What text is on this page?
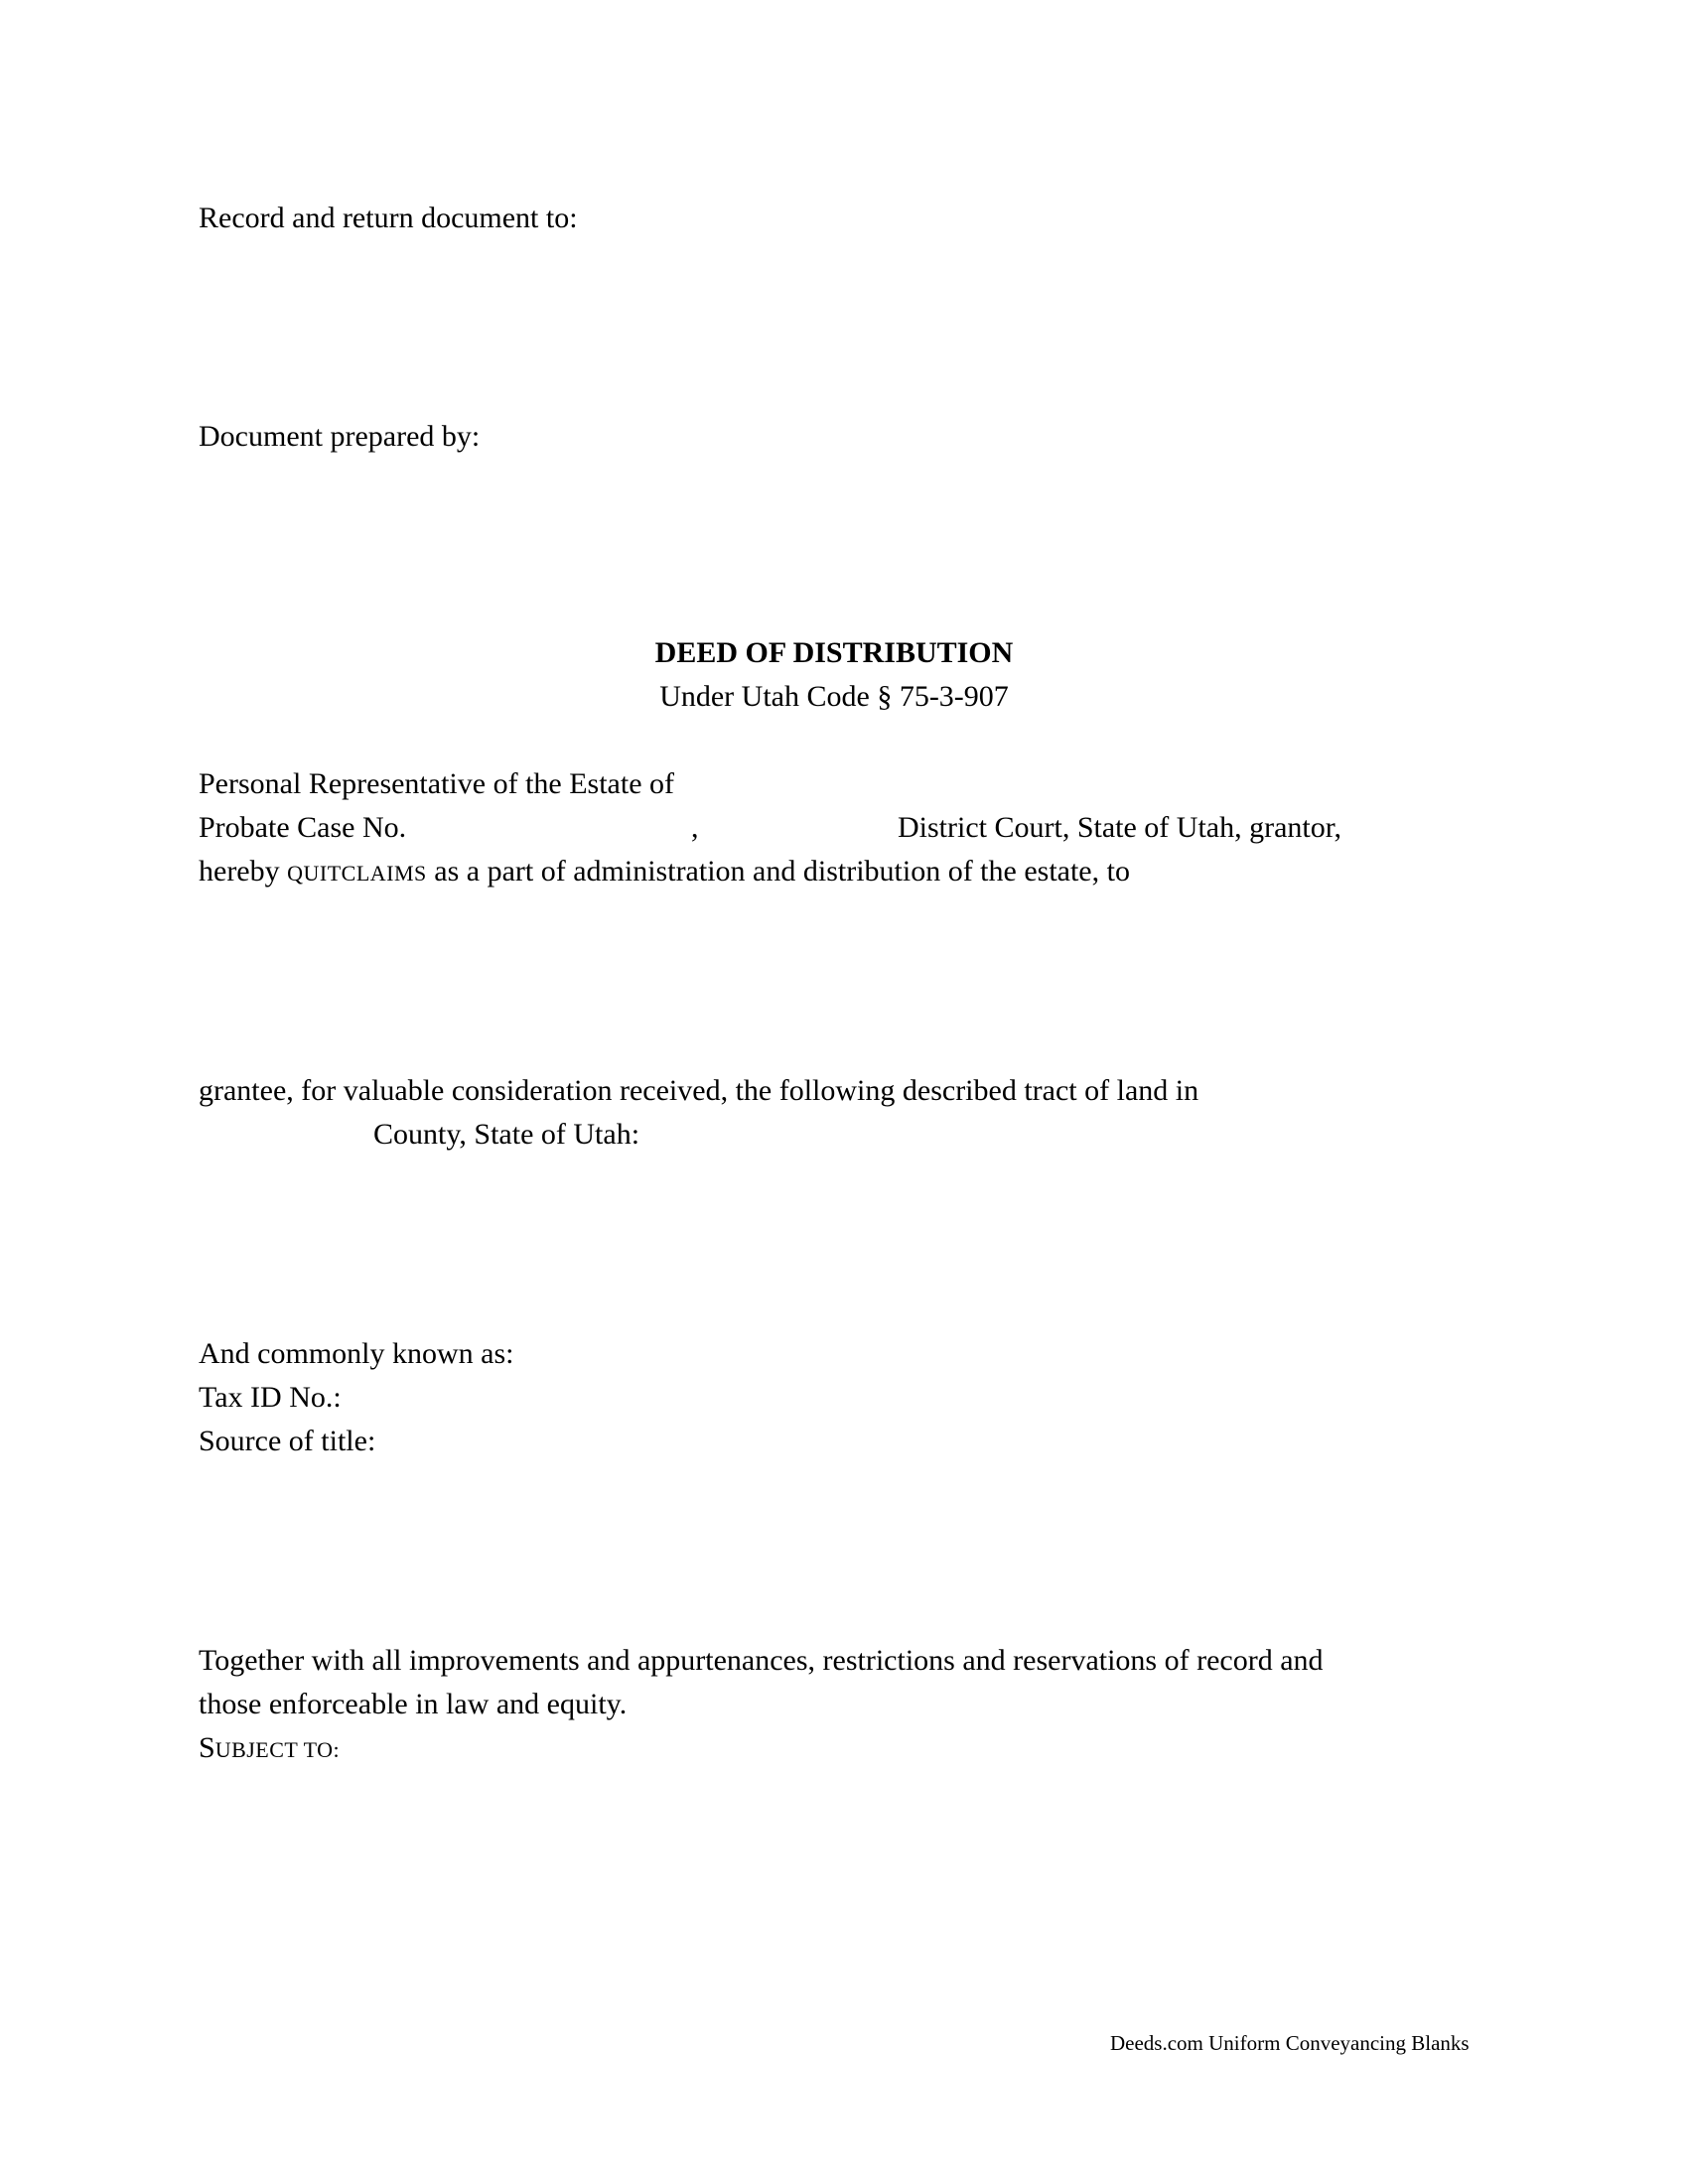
Record and return document to:
Document prepared by:
DEED OF DISTRIBUTION
Under Utah Code § 75-3-907
Personal Representative of the Estate of
Probate Case No.	,	District Court, State of Utah, grantor,
hereby QUITCLAIMS as a part of administration and distribution of the estate, to
grantee, for valuable consideration received, the following described tract of land in
County, State of Utah:
And commonly known as:
Tax ID No.:
Source of title:
Together with all improvements and appurtenances, restrictions and reservations of record and
those enforceable in law and equity.
SUBJECT TO:
Deeds.com Uniform Conveyancing Blanks
